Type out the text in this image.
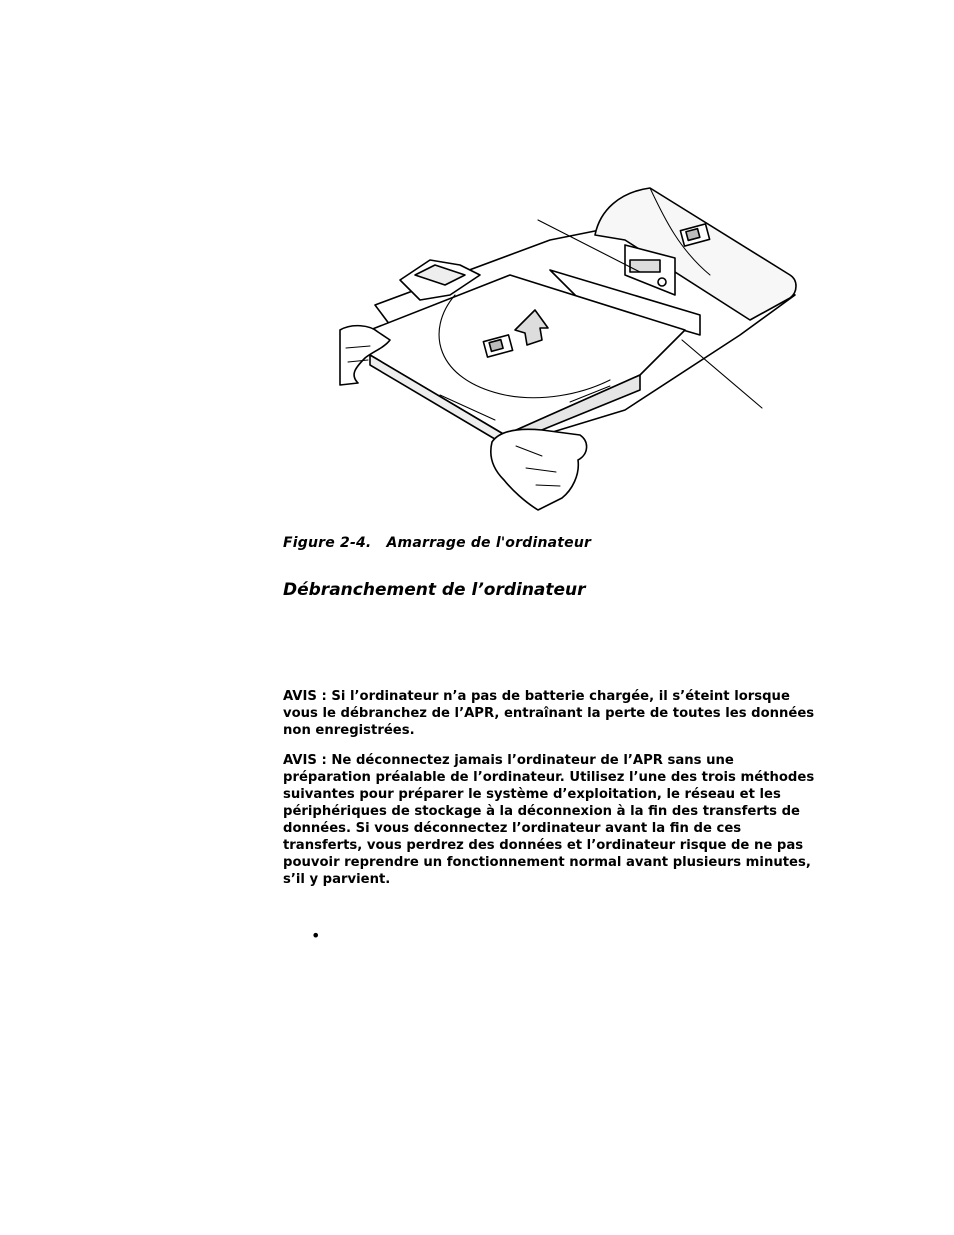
Figure 2-4. Amarrage de l'ordinateur
Débranchement de l’ordinateur

AVIS : Si l’ordinateur n’a pas de batterie chargée, il s’éteint lorsque vous le débranchez de l’APR, entraînant la perte de toutes les données non enregistrées.

AVIS : Ne déconnectez jamais l’ordinateur de l’APR sans une préparation préalable de l’ordinateur. Utilisez l’une des trois méthodes suivantes pour préparer le système d’exploitation, le réseau et les périphériques de stockage à la déconnexion à la fin des transferts de données. Si vous déconnectez l’ordinateur avant la fin de ces transferts, vous perdrez des données et l’ordinateur risque de ne pas pouvoir reprendre un fonctionnement normal avant plusieurs minutes, s’il y parvient.

•
